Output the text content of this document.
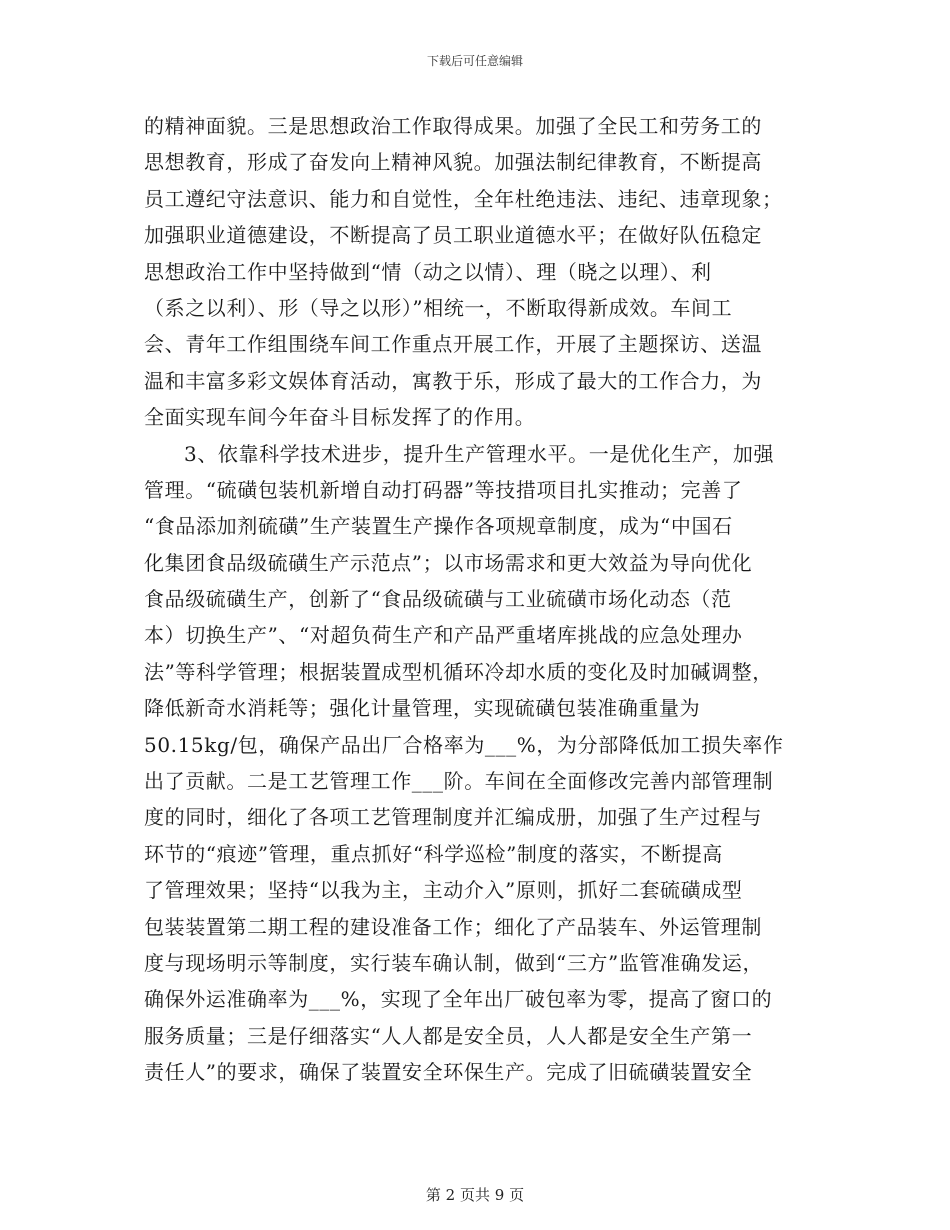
下载后可任意编辑
的精神面貌。三是思想政治工作取得成果。加强了全民工和劳务工的
思想教育，形成了奋发向上精神风貌。加强法制纪律教育，不断提高
员工遵纪守法意识、能力和自觉性，全年杜绝违法、违纪、违章现象；
加强职业道德建设，不断提高了员工职业道德水平；在做好队伍稳定
思想政治工作中坚持做到“情（动之以情）、理（晓之以理）、利
（系之以利）、形（导之以形）”相统一，不断取得新成效。车间工
会、青年工作组围绕车间工作重点开展工作，开展了主题探访、送温
温和丰富多彩文娱体育活动，寓教于乐，形成了最大的工作合力，为
全面实现车间今年奋斗目标发挥了的作用。
3、依靠科学技术进步，提升生产管理水平。一是优化生产，加强
管理。“硫磺包装机新增自动打码器”等技措项目扎实推动；完善了
“食品添加剂硫磺”生产装置生产操作各项规章制度，成为“中国石
化集团食品级硫磺生产示范点”；以市场需求和更大效益为导向优化
食品级硫磺生产，创新了“食品级硫磺与工业硫磺市场化动态（范
本）切换生产”、“对超负荷生产和产品严重堵库挑战的应急处理办
法”等科学管理；根据装置成型机循环冷却水质的变化及时加碱调整，
降低新奇水消耗等；强化计量管理，实现硫磺包装准确重量为
50.15kg/包，确保产品出厂合格率为___%，为分部降低加工损失率作
出了贡献。二是工艺管理工作___阶。车间在全面修改完善内部管理制
度的同时，细化了各项工艺管理制度并汇编成册，加强了生产过程与
环节的“痕迹”管理，重点抓好“科学巡检”制度的落实，不断提高
了管理效果；坚持“以我为主，主动介入”原则，抓好二套硫磺成型
包装装置第二期工程的建设准备工作；细化了产品装车、外运管理制
度与现场明示等制度，实行装车确认制，做到“三方”监管准确发运，
确保外运准确率为___%，实现了全年出厂破包率为零，提高了窗口的
服务质量；三是仔细落实“人人都是安全员，人人都是安全生产第一
责任人”的要求，确保了装置安全环保生产。完成了旧硫磺装置安全
第 2 页共 9 页
